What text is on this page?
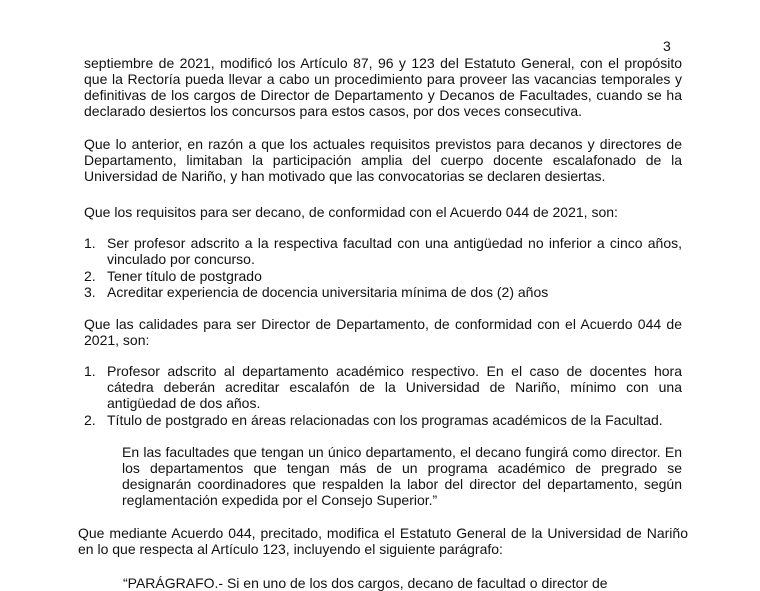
3
septiembre de 2021, modificó los Artículo 87, 96 y 123 del Estatuto General, con el propósito que la Rectoría pueda llevar a cabo un procedimiento para proveer las vacancias temporales y definitivas de los cargos de Director de Departamento y Decanos de Facultades, cuando se ha declarado desiertos los concursos para estos casos, por dos veces consecutiva.
Que lo anterior, en razón a que los actuales requisitos previstos para decanos y directores de Departamento, limitaban la participación amplia del cuerpo docente escalafonado de la Universidad de Nariño, y han motivado que las convocatorias se declaren desiertas.
Que los requisitos para ser decano, de conformidad con el Acuerdo 044 de 2021, son:
1. Ser profesor adscrito a la respectiva facultad con una antigüedad no inferior a cinco años, vinculado por concurso.
2. Tener título de postgrado
3. Acreditar experiencia de docencia universitaria mínima de dos (2) años
Que las calidades para ser Director de Departamento, de conformidad con el Acuerdo 044 de 2021, son:
1. Profesor adscrito al departamento académico respectivo. En el caso de docentes hora cátedra deberán acreditar escalafón de la Universidad de Nariño, mínimo con una antigüedad de dos años.
2. Título de postgrado en áreas relacionadas con los programas académicos de la Facultad.
En las facultades que tengan un único departamento, el decano fungirá como director. En los departamentos que tengan más de un programa académico de pregrado se designarán coordinadores que respalden la labor del director del departamento, según reglamentación expedida por el Consejo Superior.”
Que mediante Acuerdo 044, precitado, modifica el Estatuto General de la Universidad de Nariño en lo que respecta al Artículo 123, incluyendo el siguiente parágrafo:
“PARÁGRAFO.- Si en uno de los dos cargos, decano de facultad o director de
